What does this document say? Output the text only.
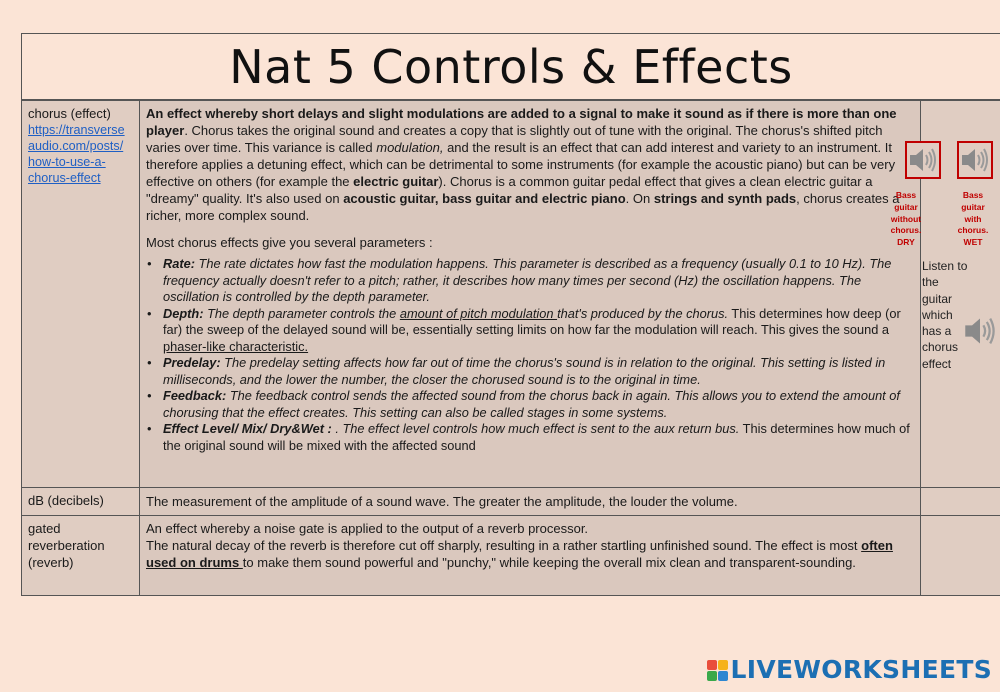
Nat 5 Controls & Effects
chorus (effect)
https://transverse
audio.com/posts/
how-to-use-a-
chorus-effect

An effect whereby short delays and slight modulations are added to a signal to make it sound as if there is more than one player. Chorus takes the original sound and creates a copy that is slightly out of tune with the original. The chorus's shifted pitch varies over time. This variance is called modulation, and the result is an effect that can add interest and variety to an instrument. It therefore applies a detuning effect, which can be detrimental to some instruments (for example the acoustic piano) but can be very effective on others (for example the electric guitar). Chorus is a common guitar pedal effect that gives a clean electric guitar a "dreamy" quality. It's also used on acoustic guitar, bass guitar and electric piano. On strings and synth pads, chorus creates a richer, more complex sound.

Most chorus effects give you several parameters :

• Rate: The rate dictates how fast the modulation happens. This parameter is described as a frequency (usually 0.1 to 10 Hz). The frequency actually doesn't refer to a pitch; rather, it describes how many times per second (Hz) the oscillation happens. The oscillation is controlled by the depth parameter.
• Depth: The depth parameter controls the amount of pitch modulation that's produced by the chorus. This determines how deep (or far) the sweep of the delayed sound will be, essentially setting limits on how far the modulation will reach. This gives the sound a phaser-like characteristic.
• Predelay: The predelay setting affects how far out of time the chorus's sound is in relation to the original. This setting is listed in milliseconds, and the lower the number, the closer the chorused sound is to the original in time.
• Feedback: The feedback control sends the affected sound from the chorus back in again. This allows you to extend the amount of chorusing that the effect creates. This setting can also be called stages in some systems.
• Effect Level/ Mix/ Dry&Wet : . The effect level controls how much effect is sent to the aux return bus. This determines how much of the original sound will be mixed with the affected sound
dB (decibels)	The measurement of the amplitude of a sound wave. The greater the amplitude, the louder the volume.
gated reverberation (reverb)
An effect whereby a noise gate is applied to the output of a reverb processor.
The natural decay of the reverb is therefore cut off sharply, resulting in a rather startling unfinished sound. The effect is most often used on drums to make them sound powerful and "punchy," while keeping the overall mix clean and transparent-sounding.
Bass guitar without chorus. DRY
Bass guitar with chorus. WET
Listen to the guitar which has a chorus effect
LIVEWORKSHEETS
